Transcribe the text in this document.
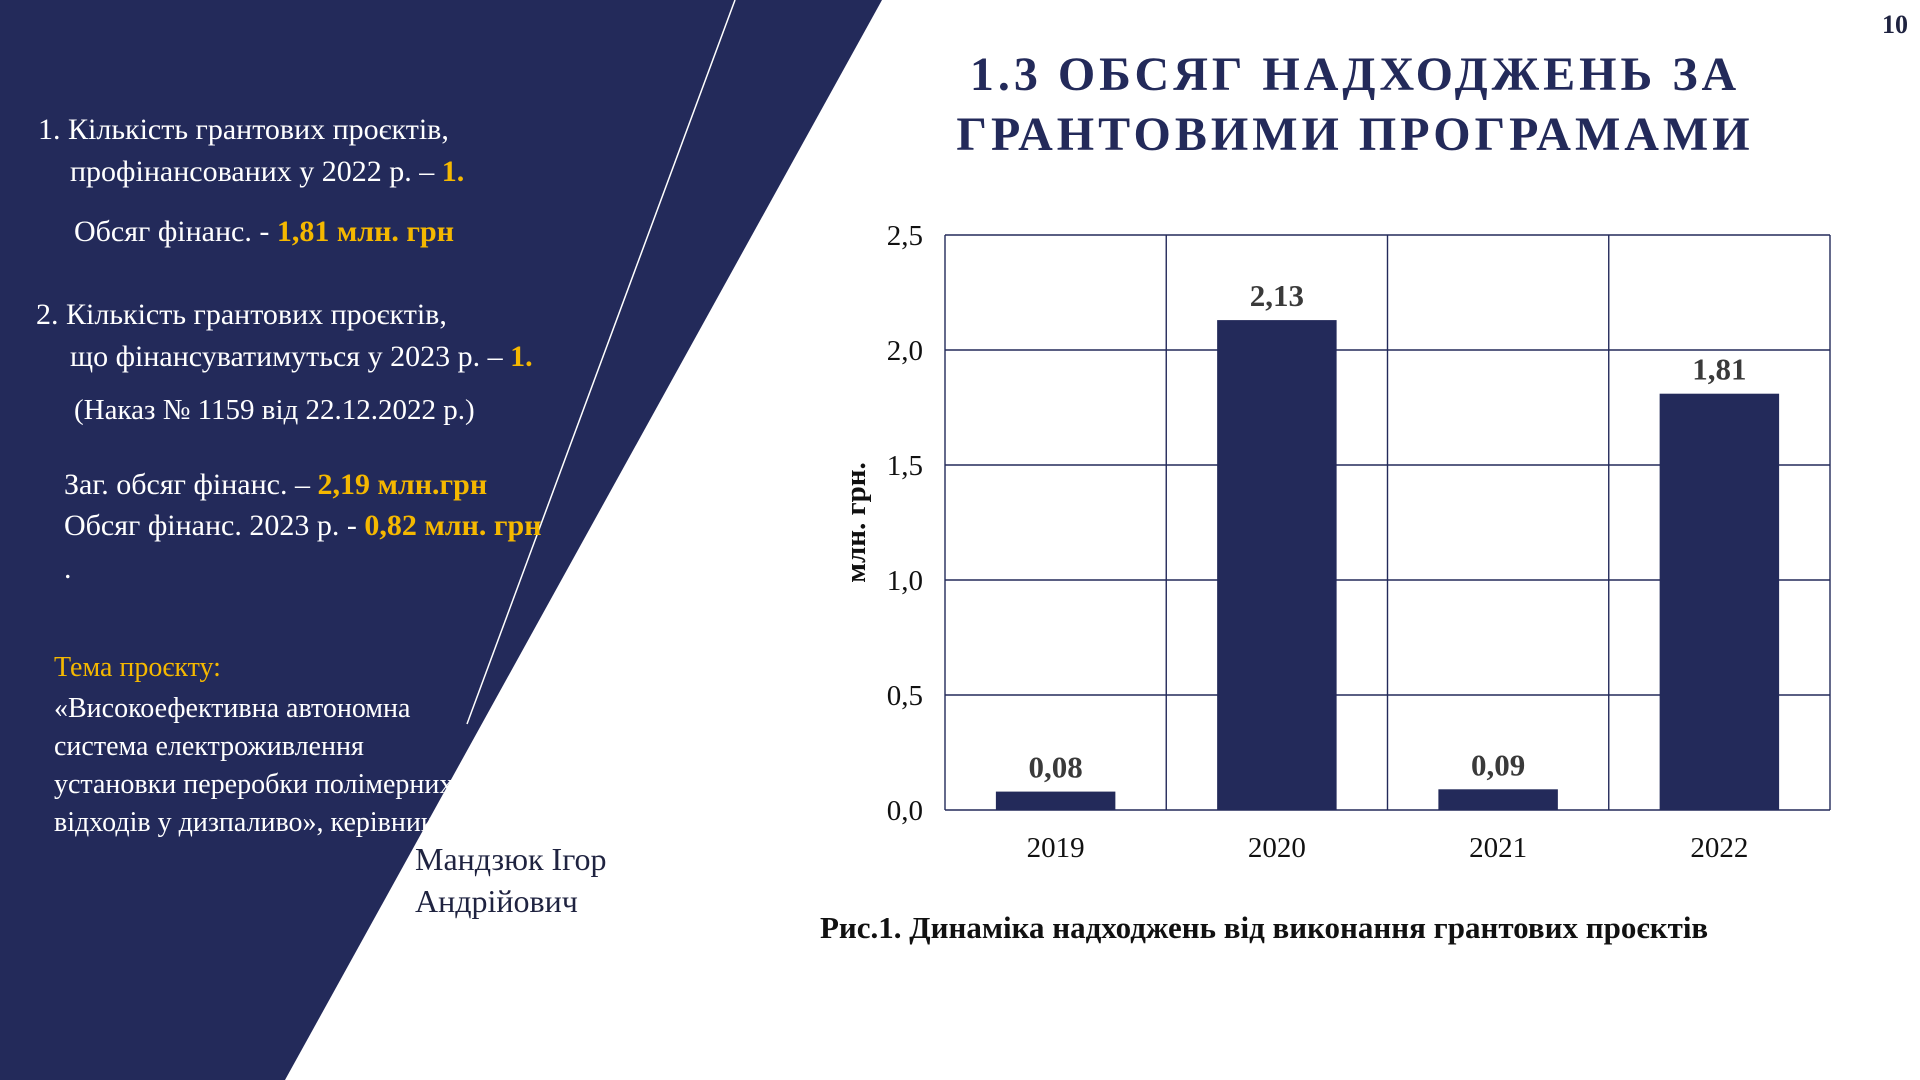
10
1. Кількість грантових проєктів,
профінансованих у 2022 р. – 1.
Обсяг фінанс. - 1,81 млн. грн
2. Кількість грантових проєктів,
що фінансуватимуться у 2023 р. – 1.
(Наказ № 1159 від 22.12.2022 р.)
Заг. обсяг фінанс. – 2,19 млн.грн
Обсяг фінанс. 2023 р. - 0,82 млн. грн
.
Тема проєкту:
«Високоефективна автономна система електроживлення установки переробки полімерних відходів у дизпаливо», керівник –
Мандзюк Ігор Андрійович
1.3 ОБСЯГ НАДХОДЖЕНЬ ЗА ГРАНТОВИМИ ПРОГРАМАМИ
0,0
0,5
1,0
1,5
2,0
2,5
0,08
2019
2,13
2020
0,09
2021
1,81
2022
млн. грн.
Рис.1. Динаміка надходжень від виконання грантових проєктів
